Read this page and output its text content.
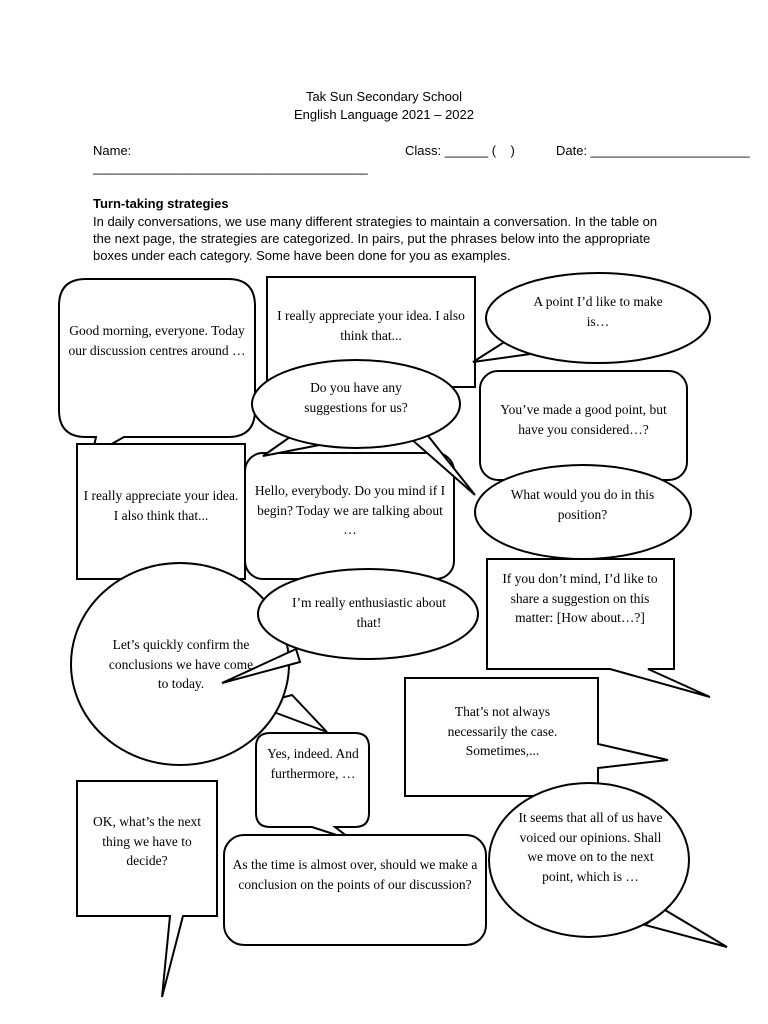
Tak Sun Secondary School
English Language 2021 – 2022
Name:
______________________________________
Class: ______ (    )	Date: ______________________
Turn-taking strategies
In daily conversations, we use many different strategies to maintain a conversation. In the table on the next page, the strategies are categorized. In pairs, put the phrases below into the appropriate boxes under each category. Some have been done for you as examples.
Good morning, everyone. Today our discussion centres around …
I really appreciate your idea. I also think that...
A point I’d like to make is…
Do you have any suggestions for us?	You’ve made a good point, but have you considered…?
I really appreciate your idea. I also think that...
Hello, everybody. Do you mind if I begin? Today we are talking about …
What would you do in this position?
I’m really enthusiastic about that!
If you don’t mind, I’d like to share a suggestion on this matter: [How about…?]
Let’s quickly confirm the conclusions we have come to today.
That’s not always necessarily the case. Sometimes,...
Yes, indeed. And furthermore, …
OK, what’s the next thing we have to decide?	As the time is almost over, should we make a conclusion on the points of our discussion?
It seems that all of us have voiced our opinions. Shall we move on to the next point, which is …
